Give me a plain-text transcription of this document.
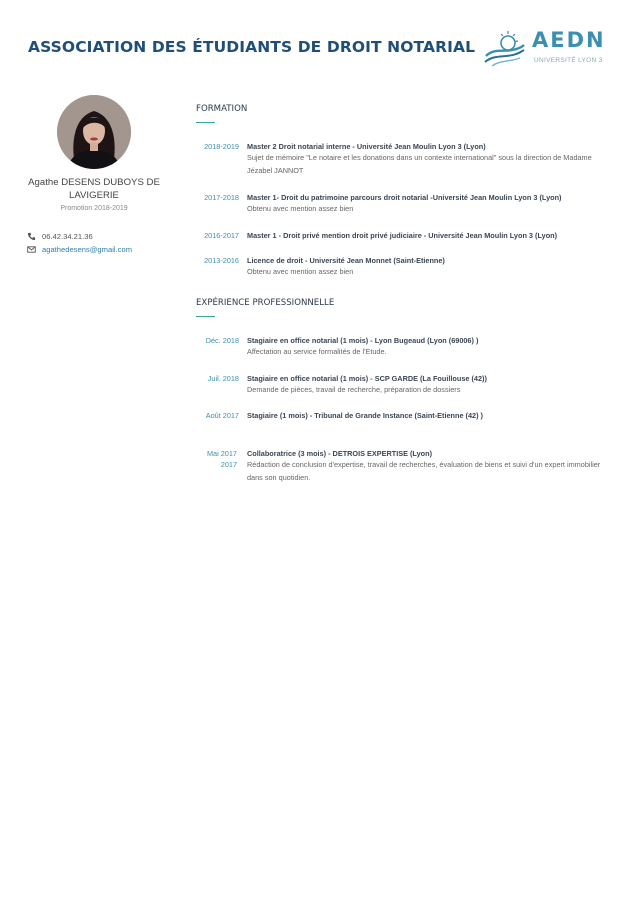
ASSOCIATION DES ÉTUDIANTS DE DROIT NOTARIAL	AEDN
UNIVERSITÉ LYON 3
Agathe DESENS DUBOYS DE LAVIGERIE
Promotion 2018-2019
06.42.34.21.36
agathedesens@gmail.com
FORMATION
2018-2019 Master 2 Droit notarial interne - Université Jean Moulin Lyon 3 (Lyon)
Sujet de mémoire "Le notaire et les donations dans un contexte international" sous la direction de Madame Jézabel JANNOT
2017-2018 Master 1- Droit du patrimoine parcours droit notarial -Université Jean Moulin Lyon 3 (Lyon)
Obtenu avec mention assez bien
2016-2017 Master 1 - Droit privé mention droit privé judiciaire - Université Jean Moulin Lyon 3 (Lyon)
2013-2016 Licence de droit - Université Jean Monnet (Saint-Etienne)
Obtenu avec mention assez bien
EXPÉRIENCE PROFESSIONNELLE
Déc. 2018 Stagiaire en office notarial (1 mois) - Lyon Bugeaud (Lyon (69006) )
Affectation au service formalités de l'Etude.
Juil. 2018 Stagiaire en office notarial (1 mois) - SCP GARDE (La Fouillouse (42))
Demande de pièces, travail de recherche, préparation de dossiers
Août 2017 Stagiaire (1 mois) - Tribunal de Grande Instance (Saint-Etienne (42) )
Mai 2017 2017
Collaboratrice (3 mois) - DETROIS EXPERTISE (Lyon)
Rédaction de conclusion d'expertise, travail de recherches, évaluation de biens et suivi d'un expert immobilier dans son quotidien.
